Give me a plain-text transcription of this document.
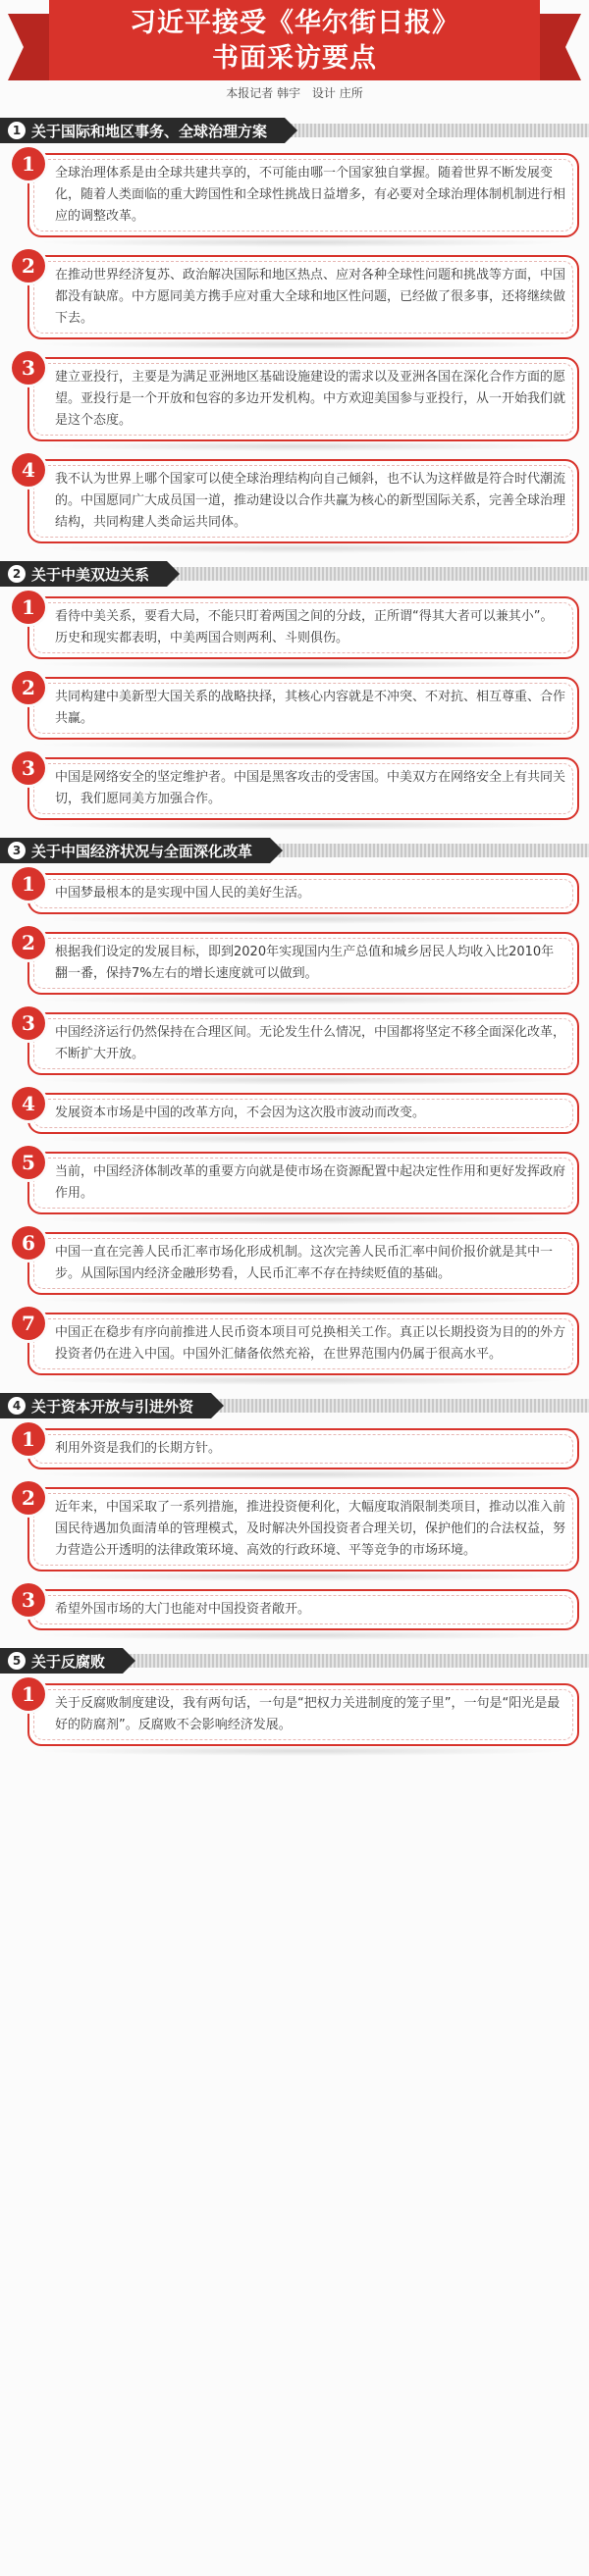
习近平接受《华尔街日报》
书面采访要点
本报记者 韩宇 设计 庄所
1 关于国际和地区事务、全球治理方案
全球治理体系是由全球共建共享的，不可能由哪一个国家独自掌握。随着世界不断发展变化，随着人类面临的重大跨国性和全球性挑战日益增多，有必要对全球治理体制机制进行相应的调整改革。
1
在推动世界经济复苏、政治解决国际和地区热点、应对各种全球性问题和挑战等方面，中国都没有缺席。中方愿同美方携手应对重大全球和地区性问题，已经做了很多事，还将继续做下去。
2
建立亚投行，主要是为满足亚洲地区基础设施建设的需求以及亚洲各国在深化合作方面的愿望。亚投行是一个开放和包容的多边开发机构。中方欢迎美国参与亚投行，从一开始我们就是这个态度。
3
我不认为世界上哪个国家可以使全球治理结构向自己倾斜，也不认为这样做是符合时代潮流的。中国愿同广大成员国一道，推动建设以合作共赢为核心的新型国际关系，完善全球治理结构，共同构建人类命运共同体。
4
2 关于中美双边关系
看待中美关系，要看大局，不能只盯着两国之间的分歧，正所谓“得其大者可以兼其小”。历史和现实都表明，中美两国合则两利、斗则俱伤。
1
共同构建中美新型大国关系的战略抉择，其核心内容就是不冲突、不对抗、相互尊重、合作共赢。
2
中国是网络安全的坚定维护者。中国是黑客攻击的受害国。中美双方在网络安全上有共同关切，我们愿同美方加强合作。
3
3 关于中国经济状况与全面深化改革
中国梦最根本的是实现中国人民的美好生活。
1
根据我们设定的发展目标，即到2020年实现国内生产总值和城乡居民人均收入比2010年翻一番，保持7%左右的增长速度就可以做到。
2
中国经济运行仍然保持在合理区间。无论发生什么情况，中国都将坚定不移全面深化改革，不断扩大开放。
3
发展资本市场是中国的改革方向，不会因为这次股市波动而改变。
4
当前，中国经济体制改革的重要方向就是使市场在资源配置中起决定性作用和更好发挥政府作用。
5
中国一直在完善人民币汇率市场化形成机制。这次完善人民币汇率中间价报价就是其中一步。从国际国内经济金融形势看，人民币汇率不存在持续贬值的基础。
6
中国正在稳步有序向前推进人民币资本项目可兑换相关工作。真正以长期投资为目的的外方投资者仍在进入中国。中国外汇储备依然充裕，在世界范围内仍属于很高水平。
7
4 关于资本开放与引进外资
利用外资是我们的长期方针。
1
近年来，中国采取了一系列措施，推进投资便利化，大幅度取消限制类项目，推动以准入前国民待遇加负面清单的管理模式，及时解决外国投资者合理关切，保护他们的合法权益，努力营造公开透明的法律政策环境、高效的行政环境、平等竞争的市场环境。
2
希望外国市场的大门也能对中国投资者敞开。
3
5 关于反腐败
关于反腐败制度建设，我有两句话，一句是“把权力关进制度的笼子里”，一句是“阳光是最好的防腐剂”。反腐败不会影响经济发展。
1
